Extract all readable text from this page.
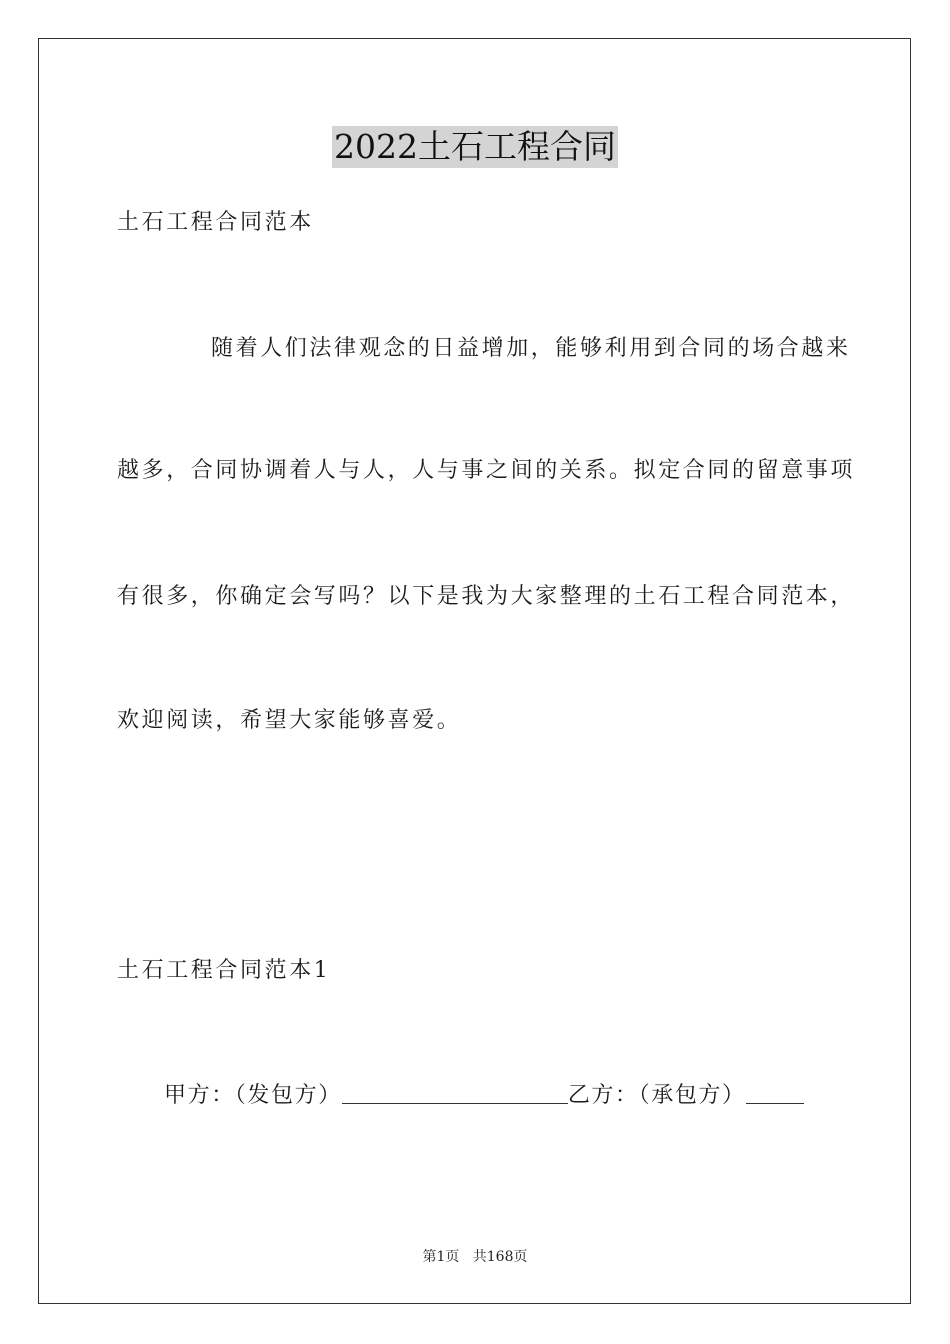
2022土石工程合同
土石工程合同范本
随着人们法律观念的日益增加，能够利用到合同的场合越来
越多，合同协调着人与人，人与事之间的关系。拟定合同的留意事项
有很多，你确定会写吗？以下是我为大家整理的土石工程合同范本，
欢迎阅读，希望大家能够喜爱。
土石工程合同范本1
甲方：（发包方）	乙方：（承包方）
第1页 共168页
